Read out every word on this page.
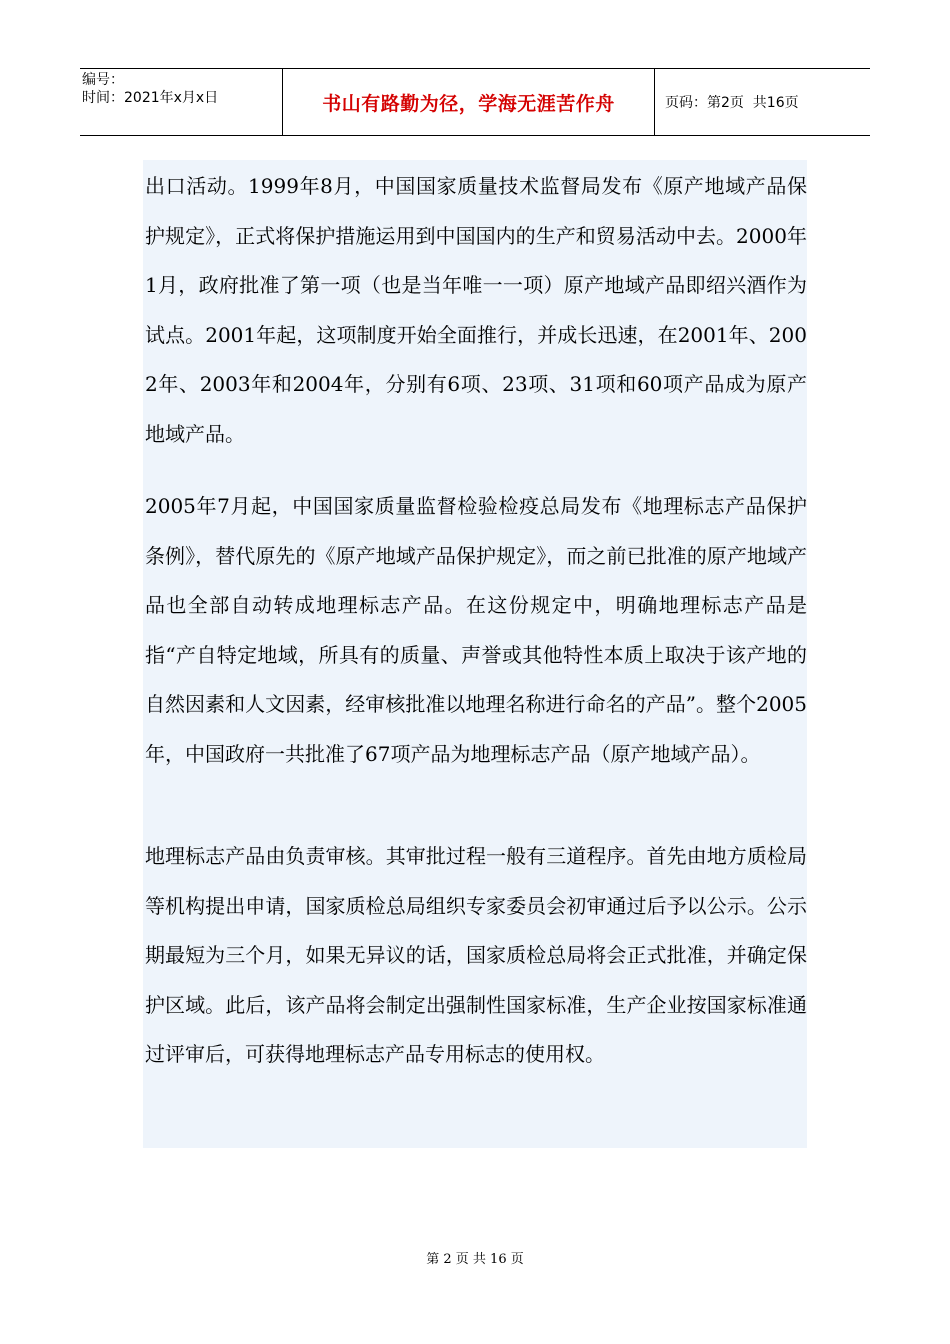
编号：
时间：2021年x月x日	书山有路勤为径，学海无涯苦作舟	页码：第2页  共16页
出口活动。1999年8月，中国国家质量技术监督局发布《原产地域产品保护规定》，正式将保护措施运用到中国国内的生产和贸易活动中去。2000年1月，政府批准了第一项（也是当年唯一一项）原产地域产品即绍兴酒作为试点。2001年起，这项制度开始全面推行，并成长迅速，在2001年、2002年、2003年和2004年，分别有6项、23项、31项和60项产品成为原产地域产品。
2005年7月起，中国国家质量监督检验检疫总局发布《地理标志产品保护条例》，替代原先的《原产地域产品保护规定》，而之前已批准的原产地域产品也全部自动转成地理标志产品。在这份规定中，明确地理标志产品是指“产自特定地域，所具有的质量、声誉或其他特性本质上取决于该产地的自然因素和人文因素，经审核批准以地理名称进行命名的产品”。整个2005年，中国政府一共批准了67项产品为地理标志产品（原产地域产品）。
地理标志产品由负责审核。其审批过程一般有三道程序。首先由地方质检局等机构提出申请，国家质检总局组织专家委员会初审通过后予以公示。公示期最短为三个月，如果无异议的话，国家质检总局将会正式批准，并确定保护区域。此后，该产品将会制定出强制性国家标准，生产企业按国家标准通过评审后，可获得地理标志产品专用标志的使用权。
第 2 页 共 16 页
